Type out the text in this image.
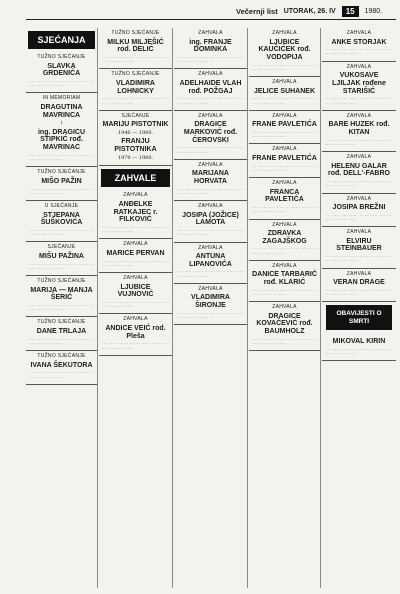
Večernji list UTORAK, 26. IV	15	1980.
SJEĆANJA
TUŽNO SJEĆANJE
SLAVKA GRDENIĆA
· ·· · ··· ·· · ··· · ·· ··· · ·· · ··· ·· · ·· ··· ·· · ·· · ··· · ·· ·· ··· · ·· · ··· ··
IN MEMORIAM
DRAGUTINA MAVRINCA
i
ing. DRAGICU STIPKIĆ rođ. MAVRINAC
· ·· · ··· ·· · ··· · ·· ··· · ·· · ··· ·· · ·· ··· ·· · ·· · ··· · ·· ·· ··· · ·· · ··· ··
TUŽNO SJEĆANJE
MIŠO PAŽIN
· ·· · ··· ·· · ··· · ·· ··· · ·· · ··· ·· · ·· ··· ·· · ·· · ··· · ·· ·· ··· · ·· · ··· ··
U SJEĆANJE
STJEPANA ŠUŠKOVIĆA
· ·· · ··· ·· · ··· · ·· ··· · ·· · ··· ·· · ·· ··· ·· · ·· · ··· · ·· ·· ··· · ·· · ··· ··
SJEĆANJE
MIŠU PAŽINA
· ·· · ··· ·· · ··· · ·· ··· · ·· · ··· ·· · ·· ··· ·· · ·· · ··· · ·· ·· ··· · ·· · ··· ··
TUŽNO SJEĆANJE
MARIJA — MANJA ŠERIĆ
· ·· · ··· ·· · ··· · ·· ··· · ·· · ··· ·· · ·· ··· ·· · ·· · ··· · ·· ·· ··· · ·· · ··· ··
TUŽNO SJEĆANJE
DANE TRLAJA
· ·· · ··· ·· · ··· · ·· ··· · ·· · ··· ·· · ·· ··· ·· · ·· · ··· · ·· ·· ··· · ·· · ··· ··
TUŽNO SJEĆANJE
IVANA ŠEKUTORA
· ·· · ··· ·· · ··· · ·· ··· · ·· · ··· ·· · ·· ··· ·· · ·· · ··· · ·· ·· ··· · ·· · ··· ··
TUŽNO SJEĆANJE
MILKU MILJEŠIĆ rod. DELIĆ
· ·· · ··· ·· · ··· · ·· ··· · ·· · ··· ·· · ·· ··· ·· · ·· · ··· · ·· ·· ··· · ·· · ··· ··
TUŽNO SJEĆANJE
VLADIMIRA LOHNICKY
· ·· · ··· ·· · ··· · ·· ··· · ·· · ··· ·· · ·· ··· ·· · ·· · ··· · ·· ·· ··· · ·· · ··· ··
SJEĆANJE
MARIJU PISTOTNIK
1946 — 1980.
FRANJU PISTOTNIKA
1979 — 1980.
ZAHVALE
ZAHVALA
ANĐELKE RATKAJEC r. FILKOVIĆ
· ·· · ··· ·· · ··· · ·· ··· · ·· · ··· ·· · ·· ··· ·· · ·· · ··· · ·· ·· ··· · ·· · ··· ··
ZAHVALA
MARICE PERVAN
· ·· · ··· ·· · ··· · ·· ··· · ·· · ··· ·· · ·· ··· ·· · ·· · ··· · ·· ·· ··· · ·· · ··· ··
ZAHVALA
LJUBICE VUJNOVIĆ
· ·· · ··· ·· · ··· · ·· ··· · ·· · ··· ·· · ·· ··· ·· · ·· · ··· · ·· ·· ··· · ·· · ··· ··
ZAHVALA
ANDICE VEIĆ rod. Pleša
· ·· · ··· ·· · ··· · ·· ··· · ·· · ··· ·· · ·· ··· ·· · ·· · ··· · ·· ·· ··· · ·· · ··· ··
ZAHVALA
ing. FRANJE DOMINKA
· ·· · ··· ·· · ··· · ·· ··· · ·· · ··· ·· · ·· ··· ·· · ·· · ··· · ·· ·· ··· · ·· · ··· ··
ZAHVALA
ADELHAIDE VLAH rođ. POŽGAJ
· ·· · ··· ·· · ··· · ·· ··· · ·· · ··· ·· · ·· ··· ·· · ·· · ··· · ·· ·· ··· · ·· · ··· ··
ZAHVALA
DRAGICE MARKOVIĆ rođ. ĆEROVSKI
· ·· · ··· ·· · ··· · ·· ··· · ·· · ··· ·· · ·· ··· ·· · ·· · ··· · ·· ·· ··· · ·· · ··· ··
ZAHVALA
MARIJANA HORVATA
· ·· · ··· ·· · ··· · ·· ··· · ·· · ··· ·· · ·· ··· ·· · ·· · ··· · ·· ·· ··· · ·· · ··· ··
ZAHVALA
JOSIPA (JOŽICE) LAMOTA
· ·· · ··· ·· · ··· · ·· ··· · ·· · ··· ·· · ·· ··· ·· · ·· · ··· · ·· ·· ··· · ·· · ··· ··
ZAHVALA
ANTUNA LIPANOVIĆA
· ·· · ··· ·· · ··· · ·· ··· · ·· · ··· ·· · ·· ··· ·· · ·· · ··· · ·· ·· ··· · ·· · ··· ··
ZAHVALA
VLADIMIRA ŠIRONJE
· ·· · ··· ·· · ··· · ·· ··· · ·· · ··· ·· · ·· ··· ·· · ·· · ··· · ·· ·· ··· · ·· · ··· ··
ZAHVALA
LJUBICE KAUČIĆEK rođ. VODOPIJA
· ·· · ··· ·· · ··· · ·· ··· · ·· · ··· ·· · ·· ··· ·· · ·· · ··· · ·· ·· ··· · ·· · ··· ··
ZAHVALA
JELICE SUHANEK
· ·· · ··· ·· · ··· · ·· ··· · ·· · ··· ·· · ·· ··· ·· · ·· · ··· · ·· ·· ··· · ·· · ··· ··
ZAHVALA
FRANE PAVLETIĆA
· ·· · ··· ·· · ··· · ·· ··· · ·· · ··· ·· · ·· ··· ·· · ·· · ··· · ·· ·· ··· · ·· · ··· ··
ZAHVALA
FRANE PAVLETIĆA
· ·· · ··· ·· · ··· · ·· ··· · ·· · ··· ·· · ·· ··· ·· · ·· · ··· · ·· ·· ··· · ·· · ··· ··
ZAHVALA
FRANCA PAVLETIĆA
· ·· · ··· ·· · ··· · ·· ··· · ·· · ··· ·· · ·· ··· ·· · ·· · ··· · ·· ·· ··· · ·· · ··· ··
ZAHVALA
ZDRAVKA ZAGAJŠKOG
· ·· · ··· ·· · ··· · ·· ··· · ·· · ··· ·· · ·· ··· ·· · ·· · ··· · ·· ·· ··· · ·· · ··· ··
ZAHVALA
DANICE TARBARIĆ rođ. KLARIĆ
· ·· · ··· ·· · ··· · ·· ··· · ·· · ··· ·· · ·· ··· ·· · ·· · ··· · ·· ·· ··· · ·· · ··· ··
ZAHVALA
DRAGICE KOVAČEVIĆ rođ. BAUMHOLZ
· ·· · ··· ·· · ··· · ·· ··· · ·· · ··· ·· · ·· ··· ·· · ·· · ··· · ·· ·· ··· · ·· · ··· ··
ZAHVALA
ANKE STORJAK
· ·· · ··· ·· · ··· · ·· ··· · ·· · ··· ·· · ·· ··· ·· · ·· · ··· · ·· ·· ··· · ·· · ··· ··
ZAHVALA
VUKOSAVE LJILJAK rođene STARIŠIĆ
· ·· · ··· ·· · ··· · ·· ··· · ·· · ··· ·· · ·· ··· ·· · ·· · ··· · ·· ·· ··· · ·· · ··· ··
ZAHVALA
BARE HUZEK rođ. KITAN
· ·· · ··· ·· · ··· · ·· ··· · ·· · ··· ·· · ·· ··· ·· · ·· · ··· · ·· ·· ··· · ·· · ··· ··
ZAHVALA
HELENU GALAR rođ. DELL'-FABRO
· ·· · ··· ·· · ··· · ·· ··· · ·· · ··· ·· · ·· ··· ·· · ·· · ··· · ·· ·· ··· · ·· · ··· ··
ZAHVALA
JOSIPA BREŽNI
· ·· · ··· ·· · ··· · ·· ··· · ·· · ··· ·· · ·· ··· ·· · ·· · ··· · ·· ·· ··· · ·· · ··· ··
ZAHVALA
ELVIRU STEINBAUER
· ·· · ··· ·· · ··· · ·· ··· · ·· · ··· ·· · ·· ··· ·· · ·· · ··· · ·· ·· ··· · ·· · ··· ··
ZAHVALA
VERAN DRAGE
· ·· · ··· ·· · ··· · ·· ··· · ·· · ··· ·· · ·· ··· ·· · ·· · ··· · ·· ·· ··· · ·· · ··· ··
OBAVIJESTI O SMRTI
MIKOVAL KIRIN
· ·· · ··· ·· · ··· · ·· ··· · ·· · ··· ·· · ·· ··· ·· · ·· · ··· · ·· ·· ··· · ·· · ··· ··
